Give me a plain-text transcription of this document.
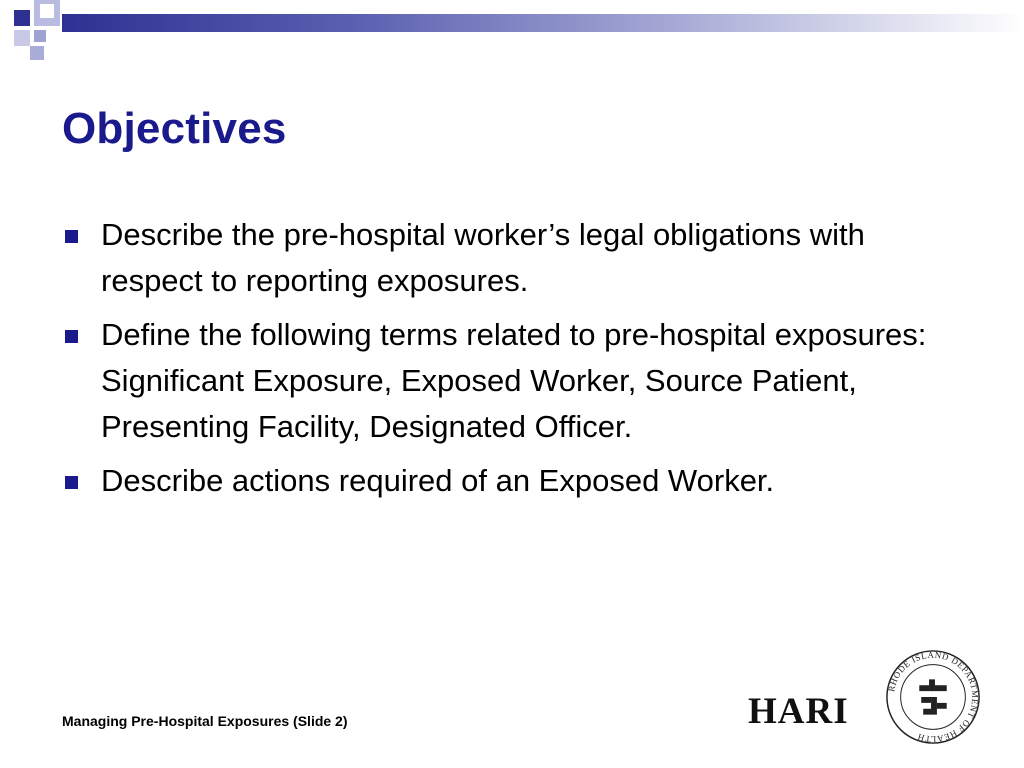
Objectives
Describe the pre-hospital worker’s legal obligations with respect to reporting exposures.
Define the following terms related to pre-hospital exposures: Significant Exposure, Exposed Worker, Source Patient, Presenting Facility, Designated Officer.
Describe actions required of an Exposed Worker.
Managing Pre-Hospital Exposures (Slide 2)	HARI
RHODE ISLAND DEPARTMENT OF HEALTH
